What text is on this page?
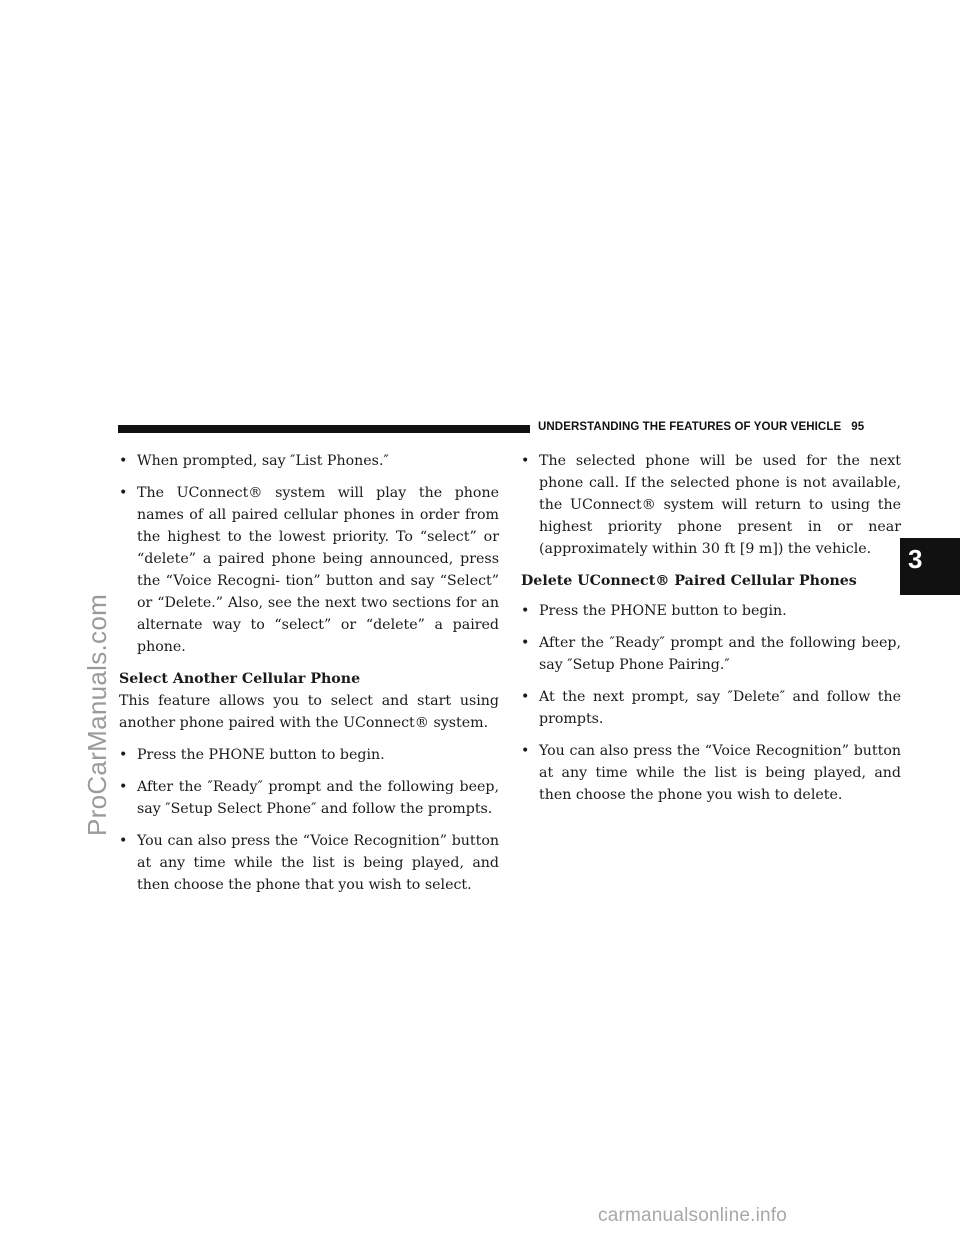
ProCarManuals.com
UNDERSTANDING THE FEATURES OF YOUR VEHICLE 95
3
• When prompted, say ″List Phones.″
• The UConnect® system will play the phone names of all paired cellular phones in order from the highest to the lowest priority. To “select” or “delete” a paired phone being announced, press the “Voice Recogni- tion” button and say “Select” or “Delete.” Also, see the next two sections for an alternate way to “select” or “delete” a paired phone.
Select Another Cellular Phone
This feature allows you to select and start using another phone paired with the UConnect® system.
• Press the PHONE button to begin.
• After the ″Ready″ prompt and the following beep, say ″Setup Select Phone″ and follow the prompts.
• You can also press the “Voice Recognition” button at any time while the list is being played, and then choose the phone that you wish to select.
• The selected phone will be used for the next phone call. If the selected phone is not available, the UConnect® system will return to using the highest priority phone present in or near (approximately within 30 ft [9 m]) the vehicle.
Delete UConnect® Paired Cellular Phones
• Press the PHONE button to begin.
• After the ″Ready″ prompt and the following beep, say ″Setup Phone Pairing.″
• At the next prompt, say ″Delete″ and follow the prompts.
• You can also press the “Voice Recognition” button at any time while the list is being played, and then choose the phone you wish to delete.
carmanualsonline.info
